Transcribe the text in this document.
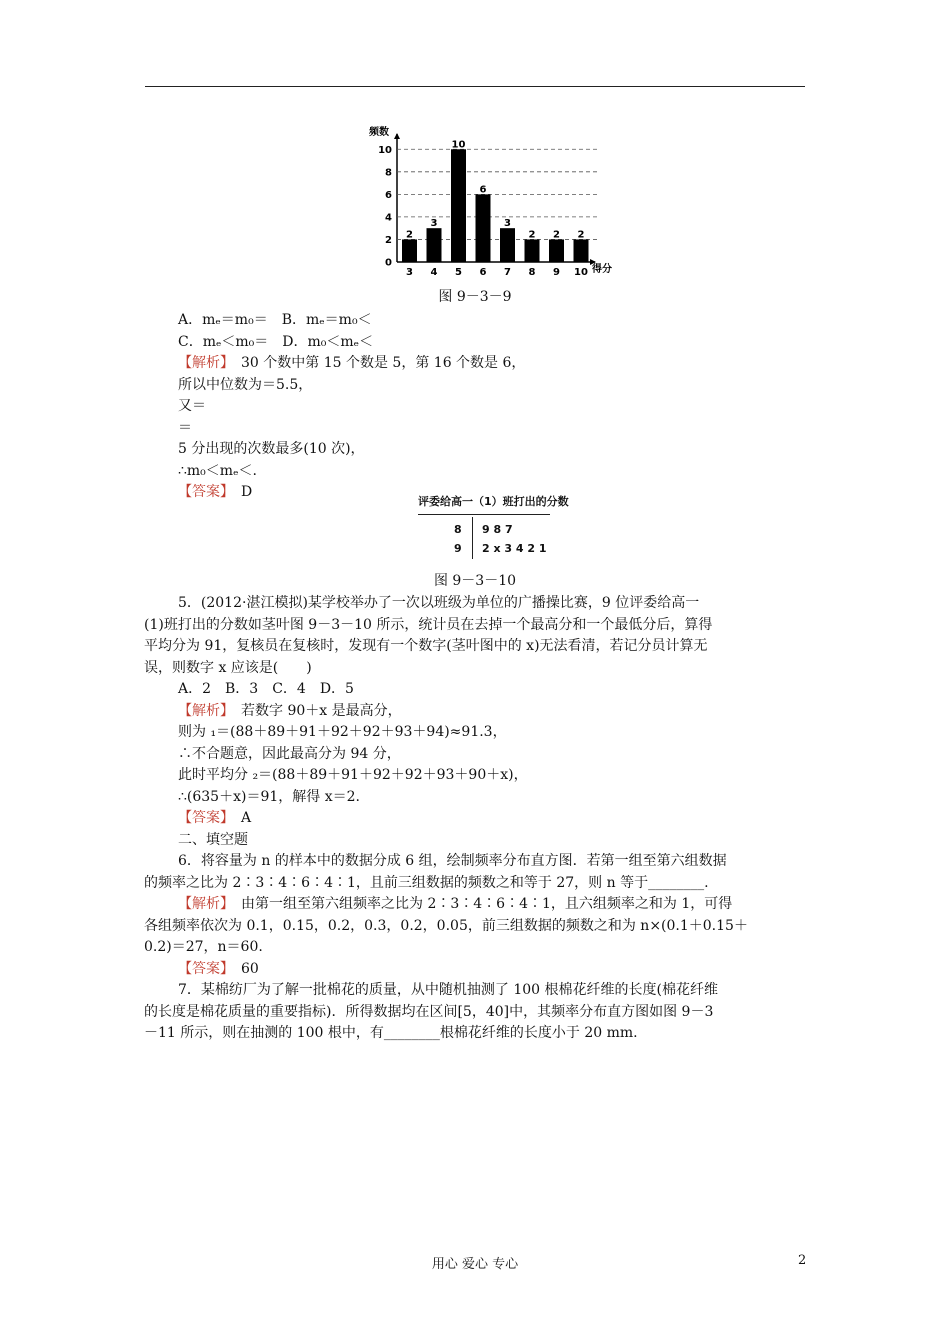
频数
得分
0
2
4
6
8
10
2
3
3
4
10
5
6
6
3
7
2
8
2
9
2
10
图 9－3－9
A．mₑ＝m₀＝　B．mₑ＝m₀＜
C．mₑ＜m₀＝　D．m₀＜mₑ＜
【解析】　30 个数中第 15 个数是 5，第 16 个数是 6，
所以中位数为＝5.5，
又＝
＝
5 分出现的次数最多(10 次)，
∴m₀＜mₑ＜.
【答案】　D
评委给高一（1）班打出的分数
8 9 8 7
9 2 x 3 4 2 1
图 9－3－10
5．(2012·湛江模拟)某学校举办了一次以班级为单位的广播操比赛，9 位评委给高一
(1)班打出的分数如茎叶图 9－3－10 所示，统计员在去掉一个最高分和一个最低分后，算得
平均分为 91，复核员在复核时，发现有一个数字(茎叶图中的 x)无法看清，若记分员计算无
误，则数字 x 应该是(　　)
A．2　B．3　C．4　D．5
【解析】　若数字 90＋x 是最高分，
则为 ₁＝(88＋89＋91＋92＋92＋93＋94)≈91.3，
∴不合题意，因此最高分为 94 分，
此时平均分 ₂＝(88＋89＋91＋92＋92＋93＋90＋x)，
∴(635＋x)＝91，解得 x＝2.
【答案】　A
二、填空题
6．将容量为 n 的样本中的数据分成 6 组，绘制频率分布直方图．若第一组至第六组数据
的频率之比为 2∶3∶4∶6∶4∶1，且前三组数据的频数之和等于 27，则 n 等于________.
【解析】　由第一组至第六组频率之比为 2∶3∶4∶6∶4∶1，且六组频率之和为 1，可得
各组频率依次为 0.1，0.15，0.2，0.3，0.2，0.05，前三组数据的频数之和为 n×(0.1＋0.15＋
0.2)＝27，n＝60.
【答案】　60
7．某棉纺厂为了解一批棉花的质量，从中随机抽测了 100 根棉花纤维的长度(棉花纤维
的长度是棉花质量的重要指标)．所得数据均在区间[5，40]中，其频率分布直方图如图 9－3
－11 所示，则在抽测的 100 根中，有________根棉花纤维的长度小于 20 mm.
用心 爱心 专心	2
